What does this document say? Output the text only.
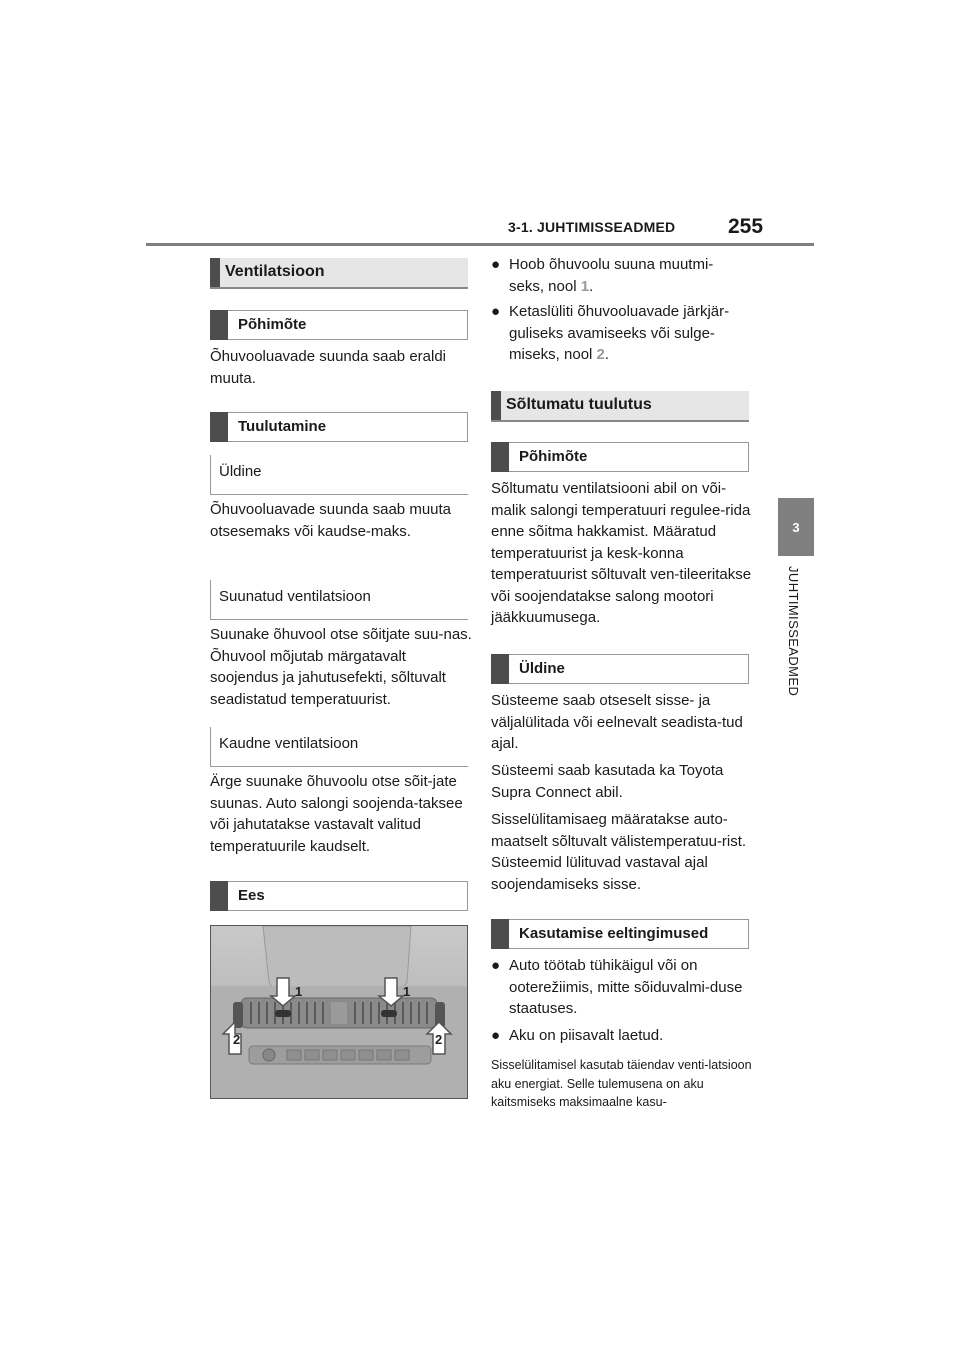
3-1. JUHTIMISSEADMED	255
3
JUHTIMISSEADMED
Ventilatsioon
Põhimõte
Õhuvooluavade suunda saab eraldi muuta.
Tuulutamine
Üldine
Õhuvooluavade suunda saab muuta otsesemaks või kaudse-maks.
Suunatud ventilatsioon
Suunake õhuvool otse sõitjate suu-nas. Õhuvool mõjutab märgatavalt soojendus ja jahutusefekti, sõltuvalt seadistatud temperatuurist.
Kaudne ventilatsioon
Ärge suunake õhuvoolu otse sõit-jate suunas. Auto salongi soojenda-taksee või jahutatakse vastavalt valitud temperatuurile kaudselt.
Ees
1	1
2	2
● Hoob õhuvoolu suuna muutmi-
seks, nool 1.
● Ketaslüliti õhuvooluavade järkjär-
guliseks avamiseeks või sulge-
miseks, nool 2.
Sõltumatu tuulutus
Põhimõte
Sõltumatu ventilatsiooni abil on või-malik salongi temperatuuri regulee-rida enne sõitma hakkamist. Määratud temperatuurist ja kesk-konna temperatuurist sõltuvalt ven-tileeritakse või soojendatakse salong mootori jääkkuumusega.
Üldine
Süsteeme saab otseselt sisse- ja väljalülitada või eelnevalt seadista-tud ajal.
Süsteemi saab kasutada ka Toyota Supra Connect abil.
Sisselülitamisaeg määratakse auto-maatselt sõltuvalt välistemperatuu-rist. Süsteemid lülituvad vastaval ajal soojendamiseks sisse.
Kasutamise eeltingimused
● Auto töötab tühikäigul või on ooterežiimis, mitte sõiduvalmi-duse staatuses.
● Aku on piisavalt laetud.
Sisselülitamisel kasutab täiendav venti-latsioon aku energiat. Selle tulemusena on aku kaitsmiseks maksimaalne kasu-
